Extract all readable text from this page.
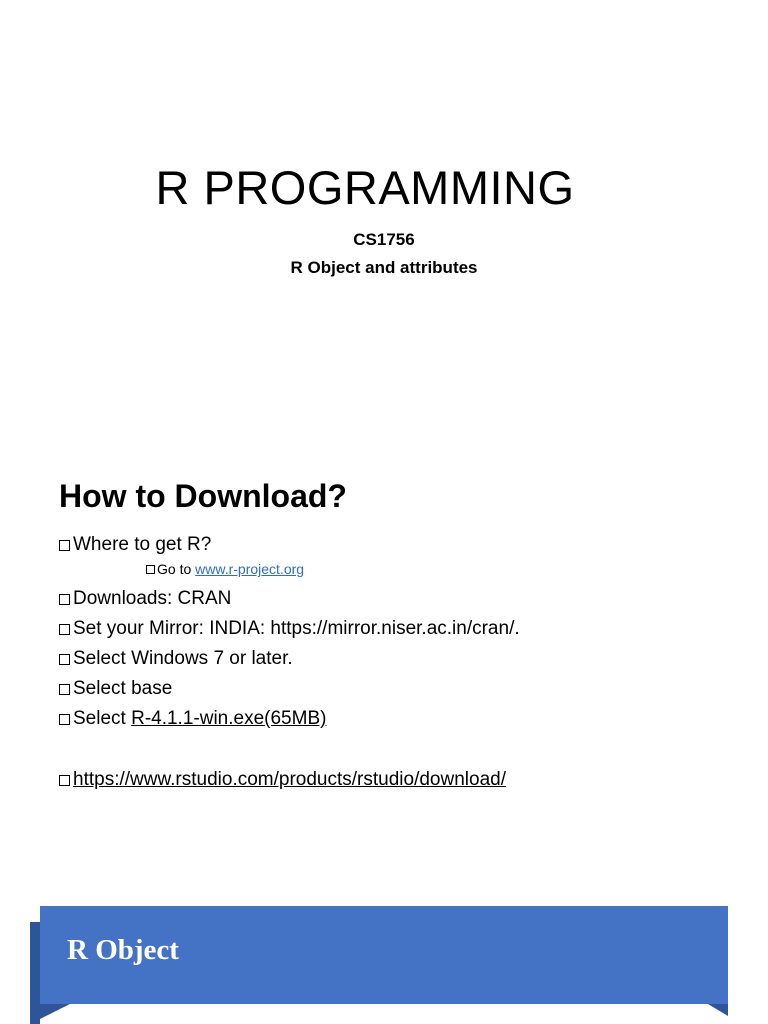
R PROGRAMMING
CS1756
R Object and attributes
How to Download?
Where to get R?
Go to www.r-project.org
Downloads: CRAN
Set your Mirror: INDIA: https://mirror.niser.ac.in/cran/.
Select Windows 7 or later.
Select base
Select R-4.1.1-win.exe(65MB)
https://www.rstudio.com/products/rstudio/download/
R Object
